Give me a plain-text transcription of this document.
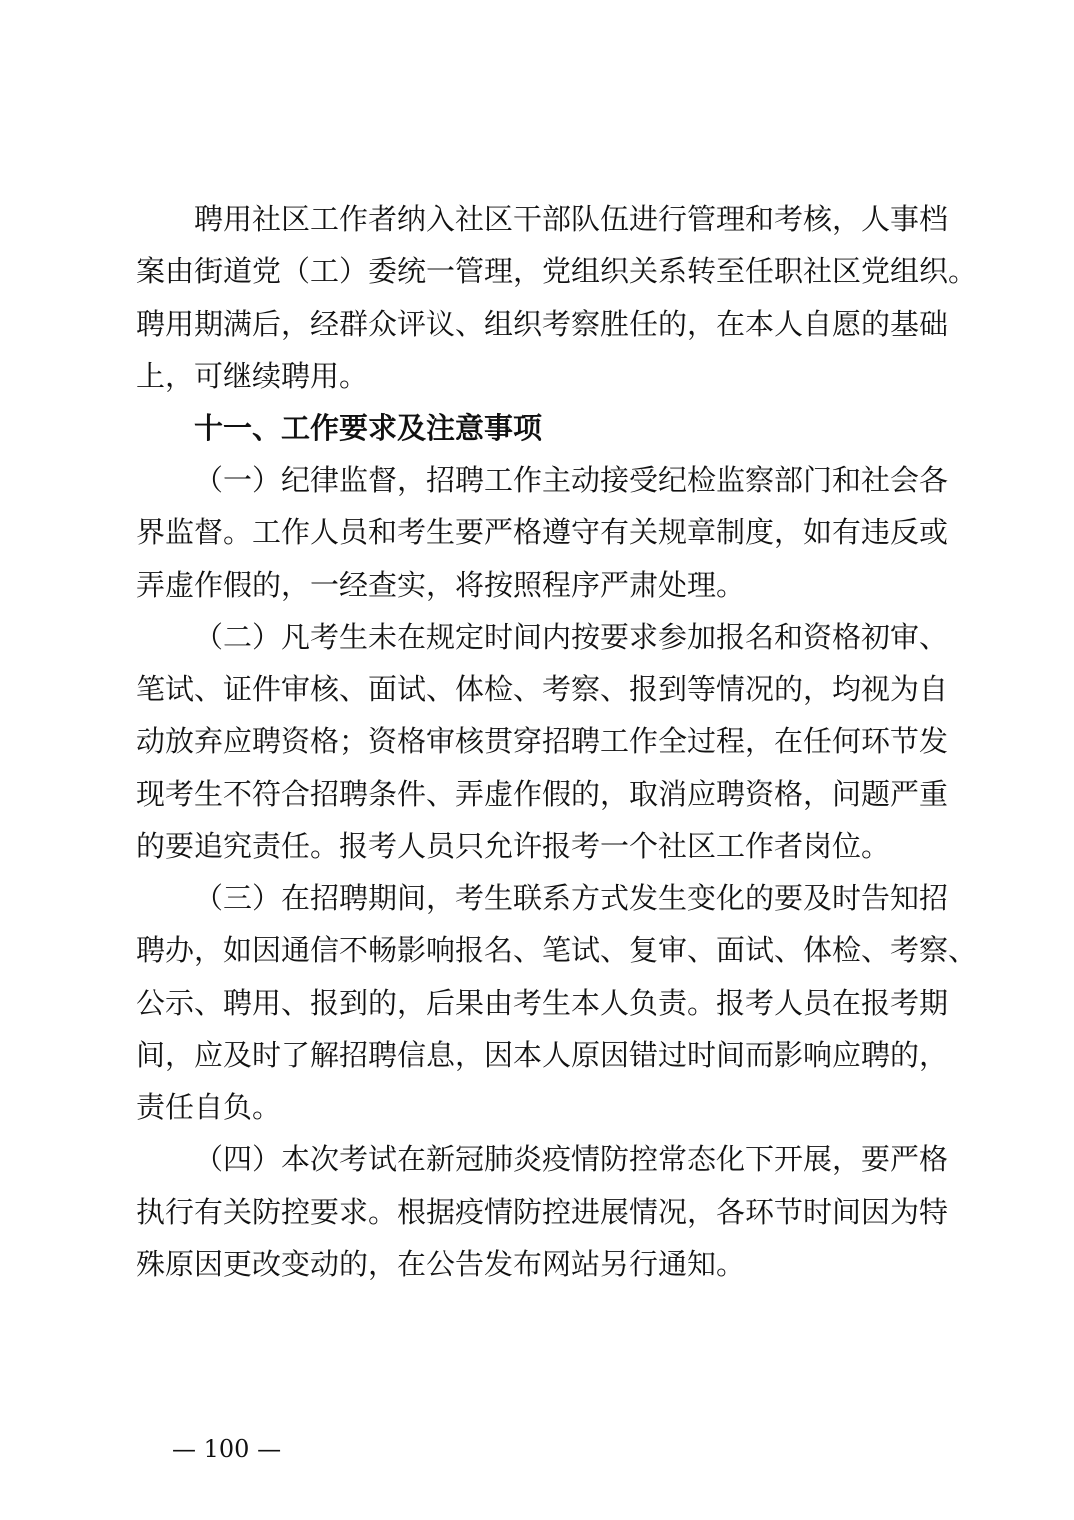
聘用社区工作者纳入社区干部队伍进行管理和考核，人事档
案由街道党（工）委统一管理，党组织关系转至任职社区党组织。
聘用期满后，经群众评议、组织考察胜任的，在本人自愿的基础
上，可继续聘用。
十一、工作要求及注意事项
（一）纪律监督，招聘工作主动接受纪检监察部门和社会各
界监督。工作人员和考生要严格遵守有关规章制度，如有违反或
弄虚作假的，一经查实，将按照程序严肃处理。
（二）凡考生未在规定时间内按要求参加报名和资格初审、
笔试、证件审核、面试、体检、考察、报到等情况的，均视为自
动放弃应聘资格；资格审核贯穿招聘工作全过程，在任何环节发
现考生不符合招聘条件、弄虚作假的，取消应聘资格，问题严重
的要追究责任。报考人员只允许报考一个社区工作者岗位。
（三）在招聘期间，考生联系方式发生变化的要及时告知招
聘办，如因通信不畅影响报名、笔试、复审、面试、体检、考察、
公示、聘用、报到的，后果由考生本人负责。报考人员在报考期
间，应及时了解招聘信息，因本人原因错过时间而影响应聘的，
责任自负。
（四）本次考试在新冠肺炎疫情防控常态化下开展，要严格
执行有关防控要求。根据疫情防控进展情况，各环节时间因为特
殊原因更改变动的，在公告发布网站另行通知。
— 100 —
